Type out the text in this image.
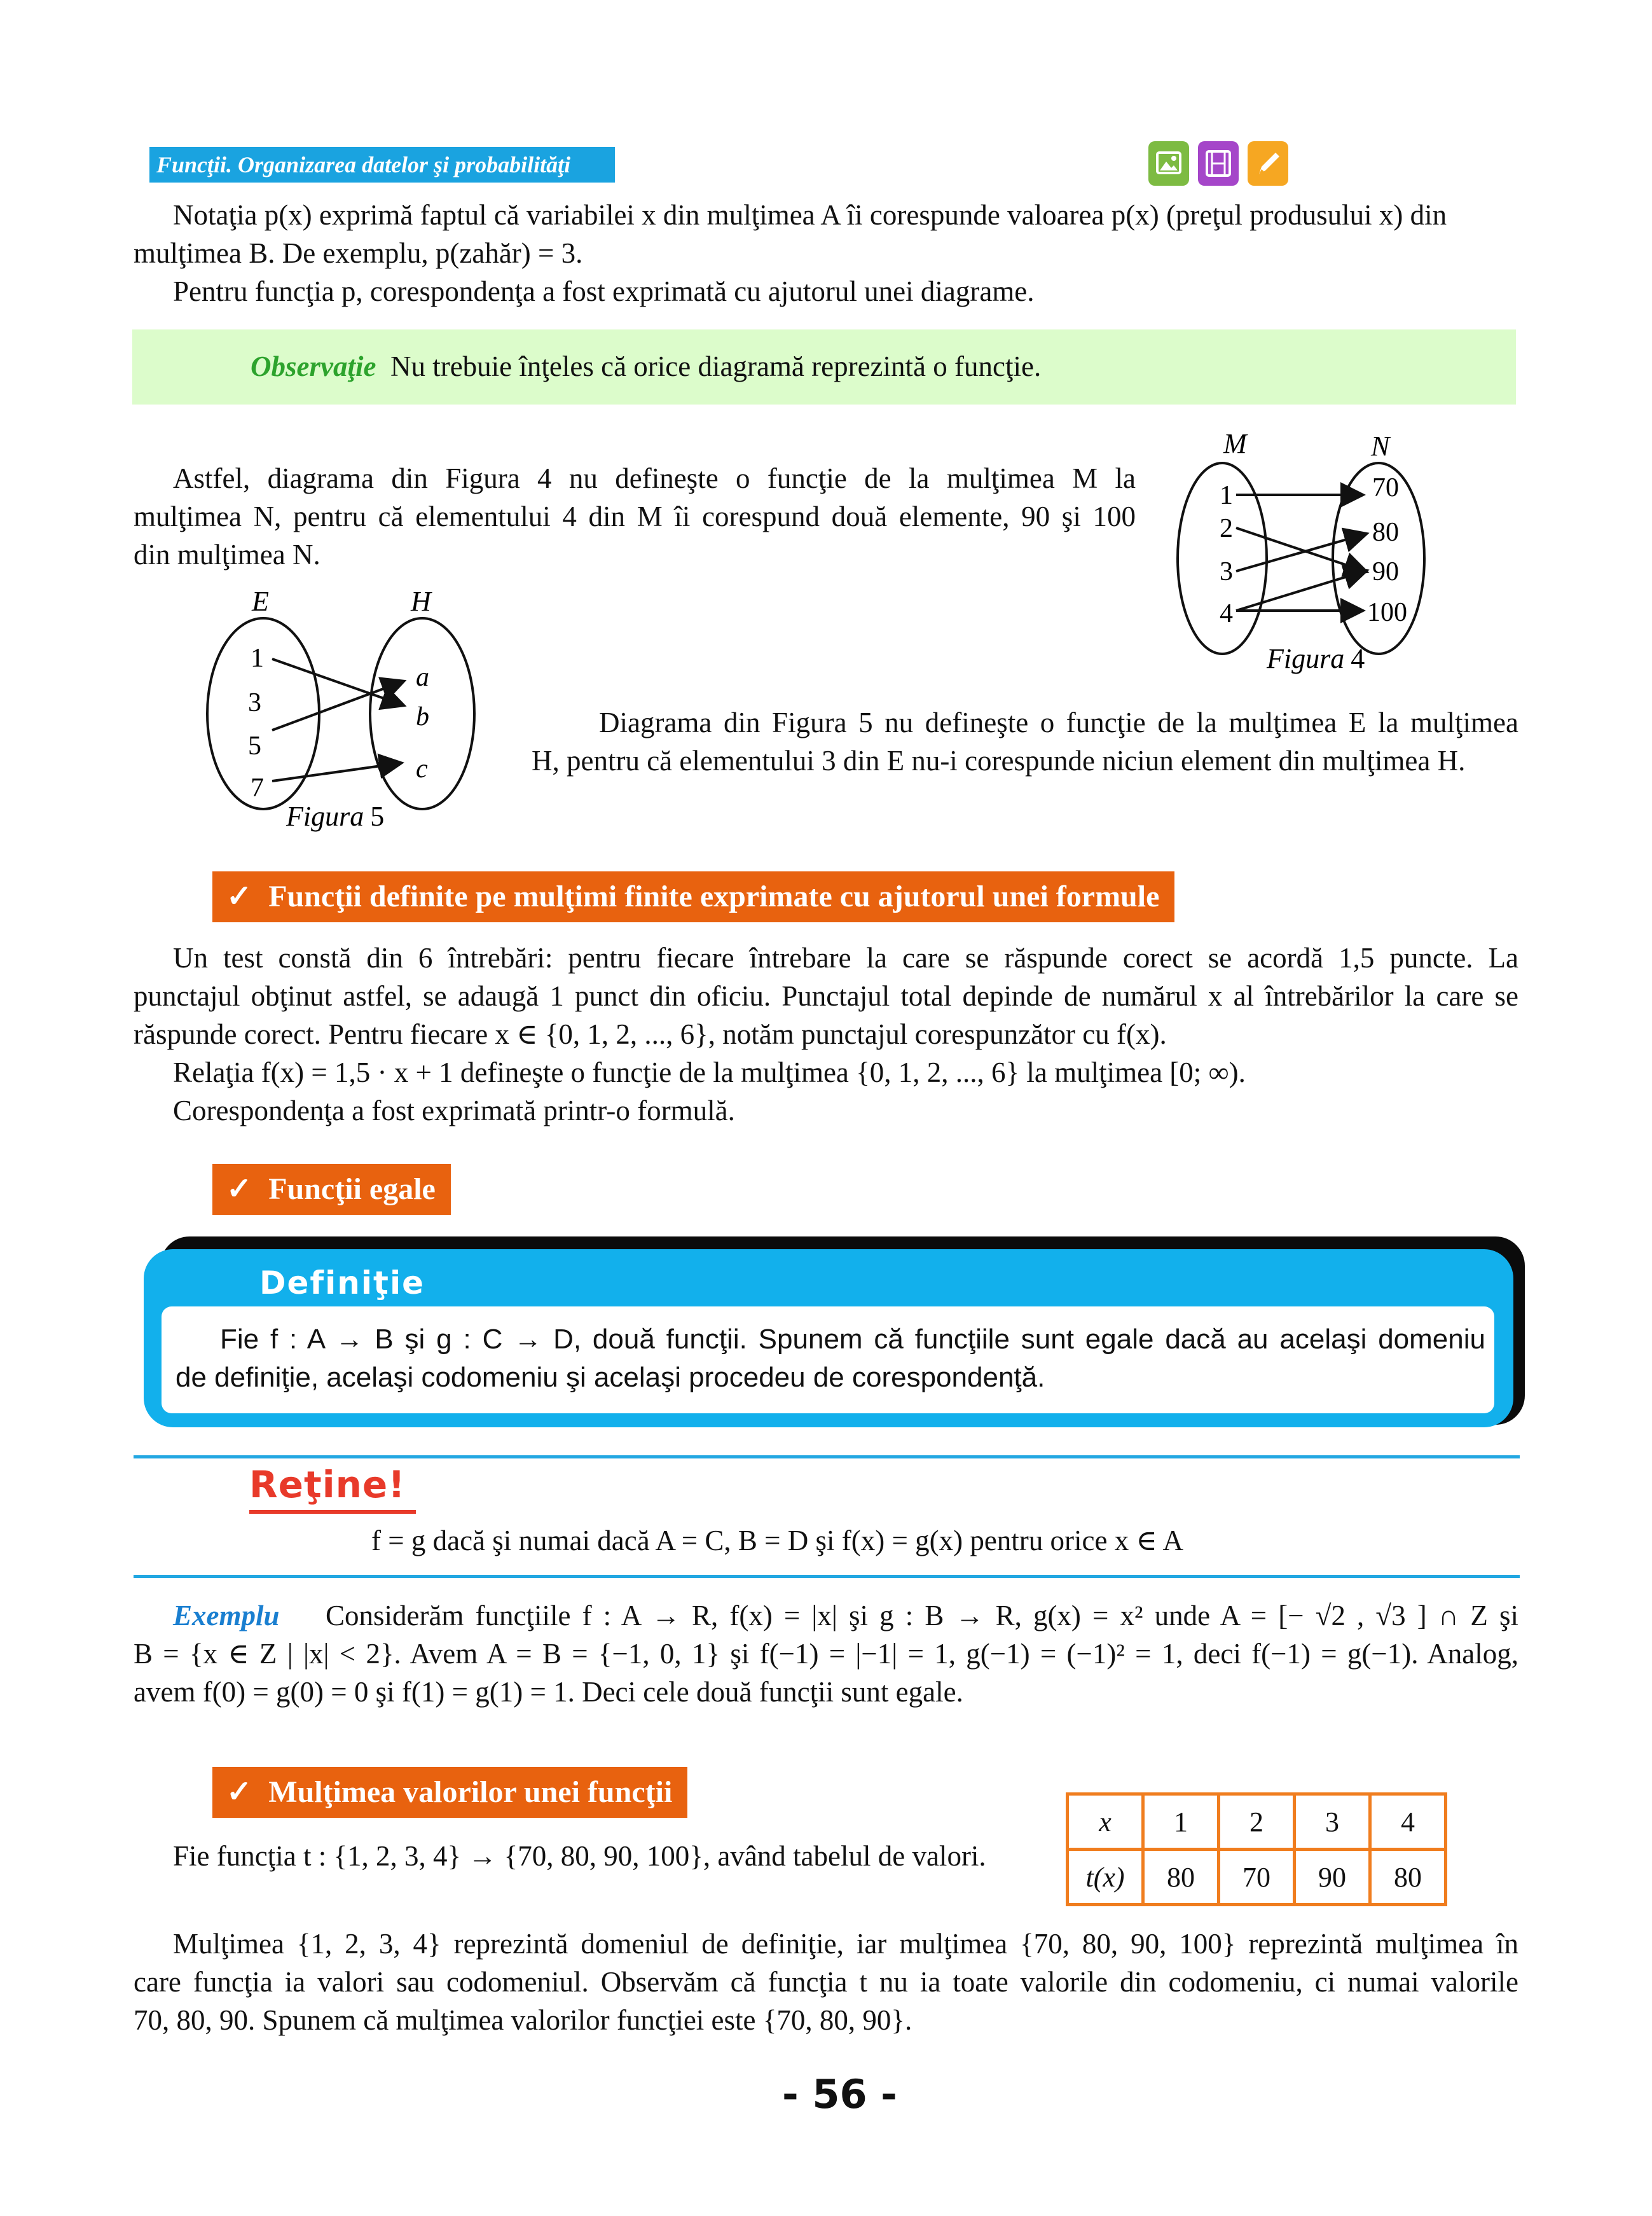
Funcţii. Organizarea datelor şi probabilităţi
Notaţia p(x) exprimă faptul că variabilei x din mulţimea A îi corespunde valoarea p(x) (preţul produsului x) din
mulţimea B. De exemplu, p(zahăr) = 3.
Pentru funcţia p, corespondenţa a fost exprimată cu ajutorul unei diagrame.
Observaţie Nu trebuie înţeles că orice diagramă reprezintă o funcţie.
Astfel, diagrama din Figura 4 nu defineşte o funcţie de la mulţimea M la
mulţimea N, pentru că elementului 4 din M îi corespund două elemente, 90 şi 100
din mulţimea N.
M	N
1
2
3
4
70
80
90
100
Figura 4
E	H
1
3
5
7
a
b
c
Figura 5
Diagrama din Figura 5 nu defineşte o funcţie de la mulţimea E la mulţimea
H, pentru că elementului 3 din E nu-i corespunde niciun element din mulţimea H.
✓ Funcţii definite pe mulţimi finite exprimate cu ajutorul unei formule
Un test constă din 6 întrebări: pentru fiecare întrebare la care se răspunde corect se acordă 1,5 puncte. La
punctajul obţinut astfel, se adaugă 1 punct din oficiu. Punctajul total depinde de numărul x al întrebărilor la care se
răspunde corect. Pentru fiecare x ∈ {0, 1, 2, ..., 6}, notăm punctajul corespunzător cu f(x).
Relaţia f(x) = 1,5 · x + 1 defineşte o funcţie de la mulţimea {0, 1, 2, ..., 6} la mulţimea [0; ∞).
Corespondenţa a fost exprimată printr-o formulă.
✓ Funcţii egale
Definiţie
Fie f : A → B şi g : C → D, două funcţii. Spunem că funcţiile sunt egale dacă au acelaşi domeniu
de definiţie, acelaşi codomeniu şi acelaşi procedeu de corespondenţă.
Reţine!
f = g dacă şi numai dacă A = C, B = D şi f(x) = g(x) pentru orice x ∈ A
Exemplu Considerăm funcţiile f : A → R, f(x) = |x| şi g : B → R, g(x) = x² unde A = [− √2 , √3 ] ∩ Z şi
B = {x ∈ Z | |x| < 2}. Avem A = B = {−1, 0, 1} şi f(−1) = |−1| = 1, g(−1) = (−1)² = 1, deci f(−1) = g(−1). Analog,
avem f(0) = g(0) = 0 şi f(1) = g(1) = 1. Deci cele două funcţii sunt egale.
✓ Mulţimea valorilor unei funcţii
Fie funcţia t : {1, 2, 3, 4} → {70, 80, 90, 100}, având tabelul de valori.
x	1	2	3	4
t(x)	80	70	90	80
Mulţimea {1, 2, 3, 4} reprezintă domeniul de definiţie, iar mulţimea {70, 80, 90, 100} reprezintă mulţimea în
care funcţia ia valori sau codomeniul. Observăm că funcţia t nu ia toate valorile din codomeniu, ci numai valorile
70, 80, 90. Spunem că mulţimea valorilor funcţiei este {70, 80, 90}.
- 56 -
